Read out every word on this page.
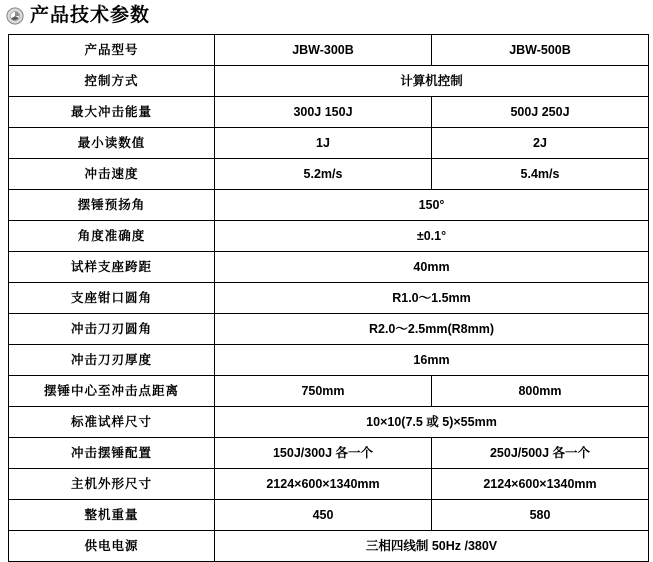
产品技术参数
产品型号	JBW-300B	JBW-500B
控制方式	计算机控制	
最大冲击能量	300J 150J	500J 250J
最小读数值	1J	2J
冲击速度	5.2m/s	5.4m/s
摆锤预扬角	150°	
角度准确度	±0.1°	
试样支座跨距	40mm	
支座钳口圆角	R1.0～1.5mm	
冲击刀刃圆角	R2.0～2.5mm(R8mm)	
冲击刀刃厚度	16mm	
摆锤中心至冲击点距离	750mm	800mm
标准试样尺寸	10×10(7.5 或 5)×55mm	
冲击摆锤配置	150J/300J 各一个	250J/500J 各一个
主机外形尺寸	2124×600×1340mm	2124×600×1340mm
整机重量	450	580
供电电源	三相四线制 50Hz /380V	
